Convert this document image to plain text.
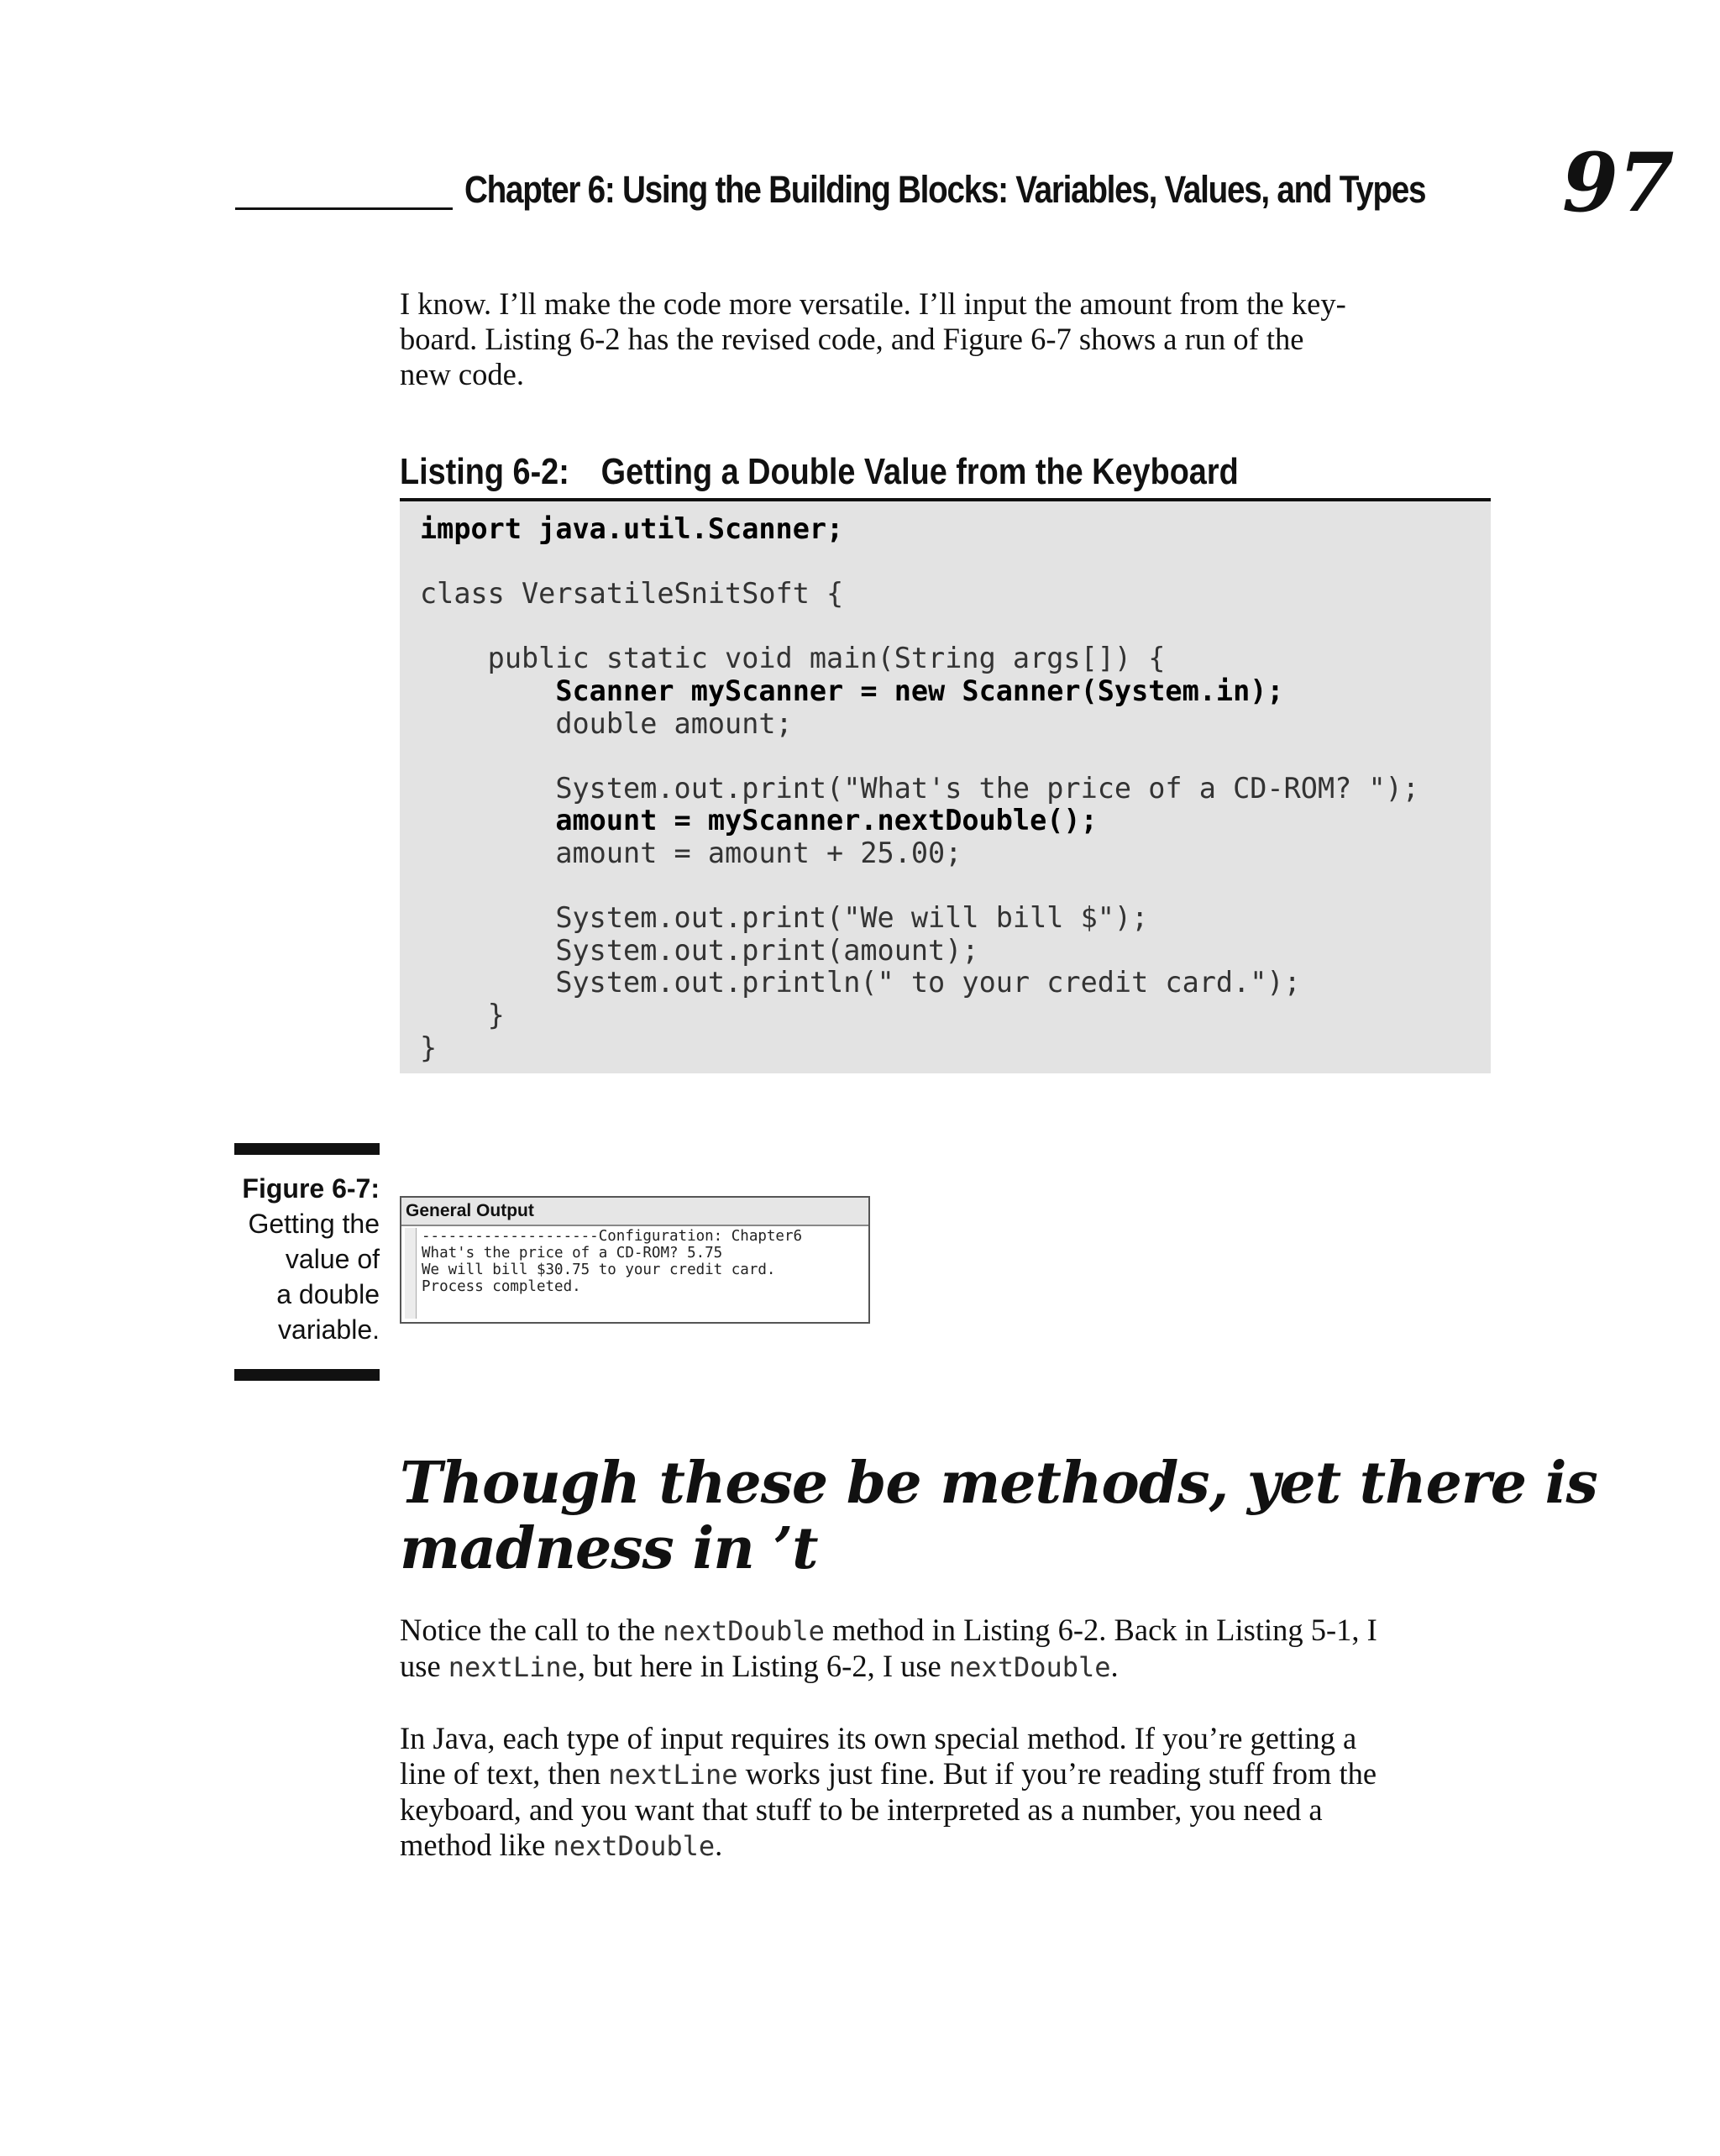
Chapter 6: Using the Building Blocks: Variables, Values, and Types 97
I know. I’ll make the code more versatile. I’ll input the amount from the key-
board. Listing 6-2 has the revised code, and Figure 6-7 shows a run of the
new code.
Listing 6-2: Getting a Double Value from the Keyboard
import java.util.Scanner;

class VersatileSnitSoft {

public static void main(String args[]) {
Scanner myScanner = new Scanner(System.in);
double amount;

System.out.print("What's the price of a CD-ROM? ");
amount = myScanner.nextDouble();
amount = amount + 25.00;

System.out.print("We will bill $");
System.out.print(amount);
System.out.println(" to your credit card.");
}
}
Figure 6-7:
Getting the
value of
a double
variable.
General Output
--------------------Configuration: Chapter6
What's the price of a CD-ROM? 5.75
We will bill $30.75 to your credit card.
Process completed.
Though these be methods, yet there is
madness in ’t
Notice the call to the nextDouble method in Listing 6-2. Back in Listing 5-1, I
use nextLine, but here in Listing 6-2, I use nextDouble.
In Java, each type of input requires its own special method. If you’re getting a
line of text, then nextLine works just fine. But if you’re reading stuff from the
keyboard, and you want that stuff to be interpreted as a number, you need a
method like nextDouble.
